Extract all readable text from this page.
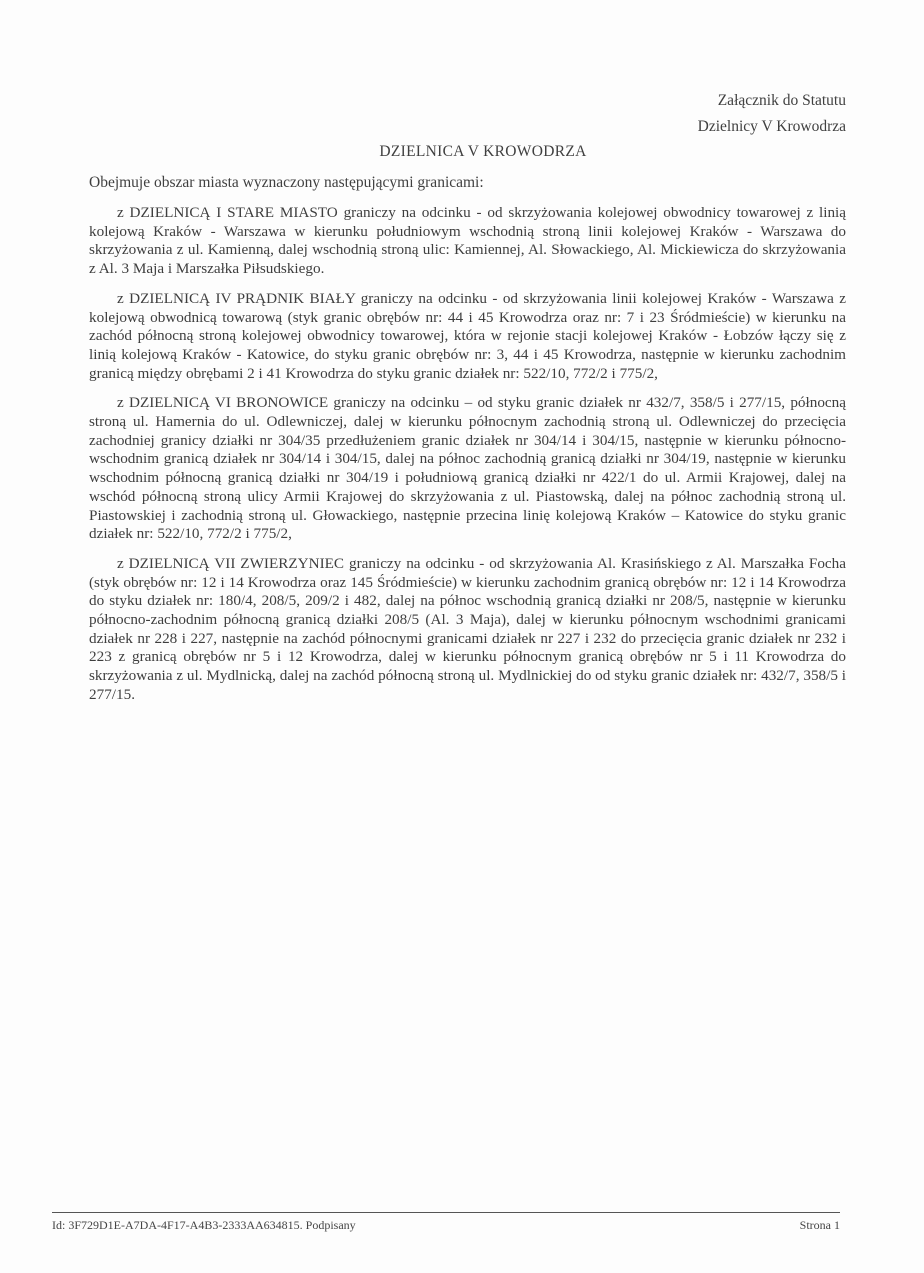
Załącznik do Statutu
Dzielnicy V Krowodrza
DZIELNICA V KROWODRZA
Obejmuje obszar miasta wyznaczony następującymi granicami:

z DZIELNICĄ I STARE MIASTO graniczy na odcinku - od skrzyżowania kolejowej obwodnicy towarowej z linią kolejową Kraków - Warszawa w kierunku południowym wschodnią stroną linii kolejowej Kraków - Warszawa do skrzyżowania z ul. Kamienną, dalej wschodnią stroną ulic: Kamiennej, Al. Słowackiego, Al. Mickiewicza do skrzyżowania z Al. 3 Maja i Marszałka Piłsudskiego.

z DZIELNICĄ IV PRĄDNIK BIAŁY graniczy na odcinku - od skrzyżowania linii kolejowej Kraków - Warszawa z kolejową obwodnicą towarową (styk granic obrębów nr: 44 i 45 Krowodrza oraz nr: 7 i 23 Śródmieście) w kierunku na zachód północną stroną kolejowej obwodnicy towarowej, która w rejonie stacji kolejowej Kraków - Łobzów łączy się z linią kolejową Kraków - Katowice, do styku granic obrębów nr: 3, 44 i 45 Krowodrza, następnie w kierunku zachodnim granicą między obrębami 2 i 41 Krowodrza do styku granic działek nr: 522/10, 772/2 i 775/2,

z DZIELNICĄ VI BRONOWICE graniczy na odcinku – od styku granic działek nr 432/7, 358/5 i 277/15, północną stroną ul. Hamernia do ul. Odlewniczej, dalej w kierunku północnym zachodnią stroną ul. Odlewniczej do przecięcia zachodniej granicy działki nr 304/35 przedłużeniem granic działek nr 304/14 i 304/15, następnie w kierunku północno-wschodnim granicą działek nr 304/14 i 304/15, dalej na północ zachodnią granicą działki nr 304/19, następnie w kierunku wschodnim północną granicą działki nr 304/19 i południową granicą działki nr 422/1 do ul. Armii Krajowej, dalej na wschód północną stroną ulicy Armii Krajowej do skrzyżowania z ul. Piastowską, dalej na północ zachodnią stroną ul. Piastowskiej i zachodnią stroną ul. Głowackiego, następnie przecina linię kolejową Kraków – Katowice do styku granic działek nr: 522/10, 772/2 i 775/2,

z DZIELNICĄ VII ZWIERZYNIEC graniczy na odcinku - od skrzyżowania Al. Krasińskiego z Al. Marszałka Focha (styk obrębów nr: 12 i 14 Krowodrza oraz 145 Śródmieście) w kierunku zachodnim granicą obrębów nr: 12 i 14 Krowodrza do styku działek nr: 180/4, 208/5, 209/2 i 482, dalej na północ wschodnią granicą działki nr 208/5, następnie w kierunku północno-zachodnim północną granicą działki 208/5 (Al. 3 Maja), dalej w kierunku północnym wschodnimi granicami działek nr 228 i 227, następnie na zachód północnymi granicami działek nr 227 i 232 do przecięcia granic działek nr 232 i 223 z granicą obrębów nr 5 i 12 Krowodrza, dalej w kierunku północnym granicą obrębów nr 5 i 11 Krowodrza do skrzyżowania z ul. Mydlnicką, dalej na zachód północną stroną ul. Mydlnickiej do od styku granic działek nr: 432/7, 358/5 i 277/15.

Id: 3F729D1E-A7DA-4F17-A4B3-2333AA634815. Podpisany	Strona 1
